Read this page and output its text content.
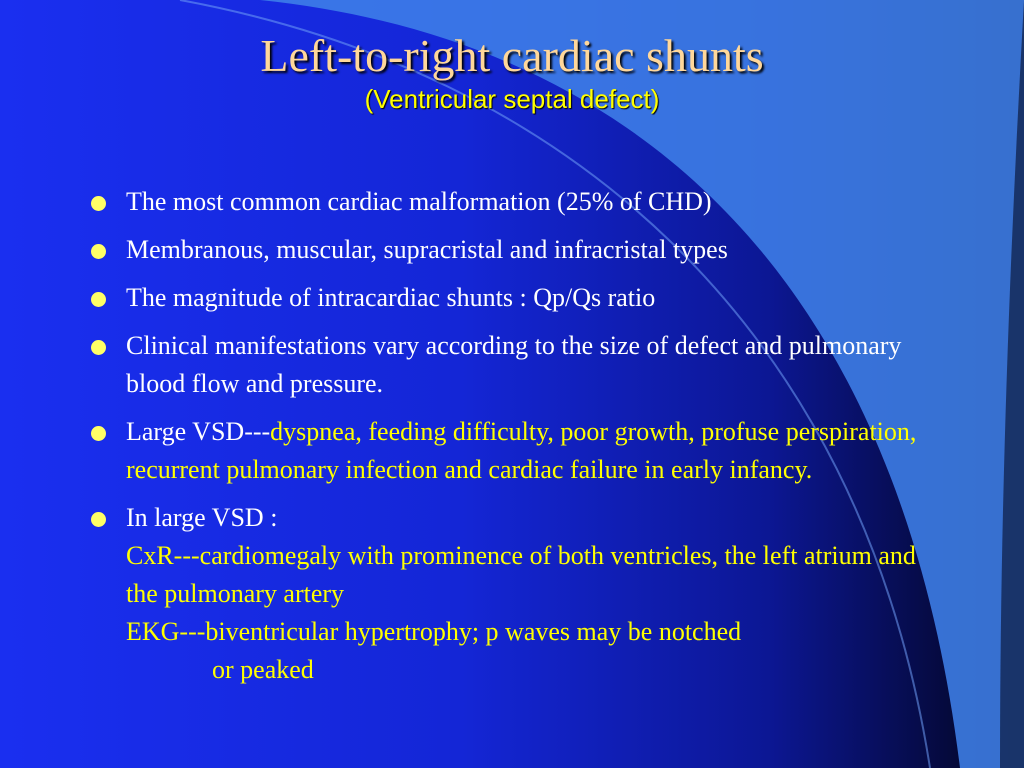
Left-to-right cardiac shunts
(Ventricular septal defect)
The most common cardiac malformation (25% of CHD)
Membranous, muscular, supracristal and infracristal types
The magnitude of intracardiac shunts : Qp/Qs ratio
Clinical manifestations vary according to the size of defect and pulmonary blood flow and pressure.
Large VSD---dyspnea, feeding difficulty, poor growth, profuse perspiration, recurrent pulmonary infection and cardiac failure in early infancy.
In large VSD :
CxR---cardiomegaly with prominence of both ventricles, the left atrium and the pulmonary artery
EKG---biventricular hypertrophy; p waves may be notched
or peaked
